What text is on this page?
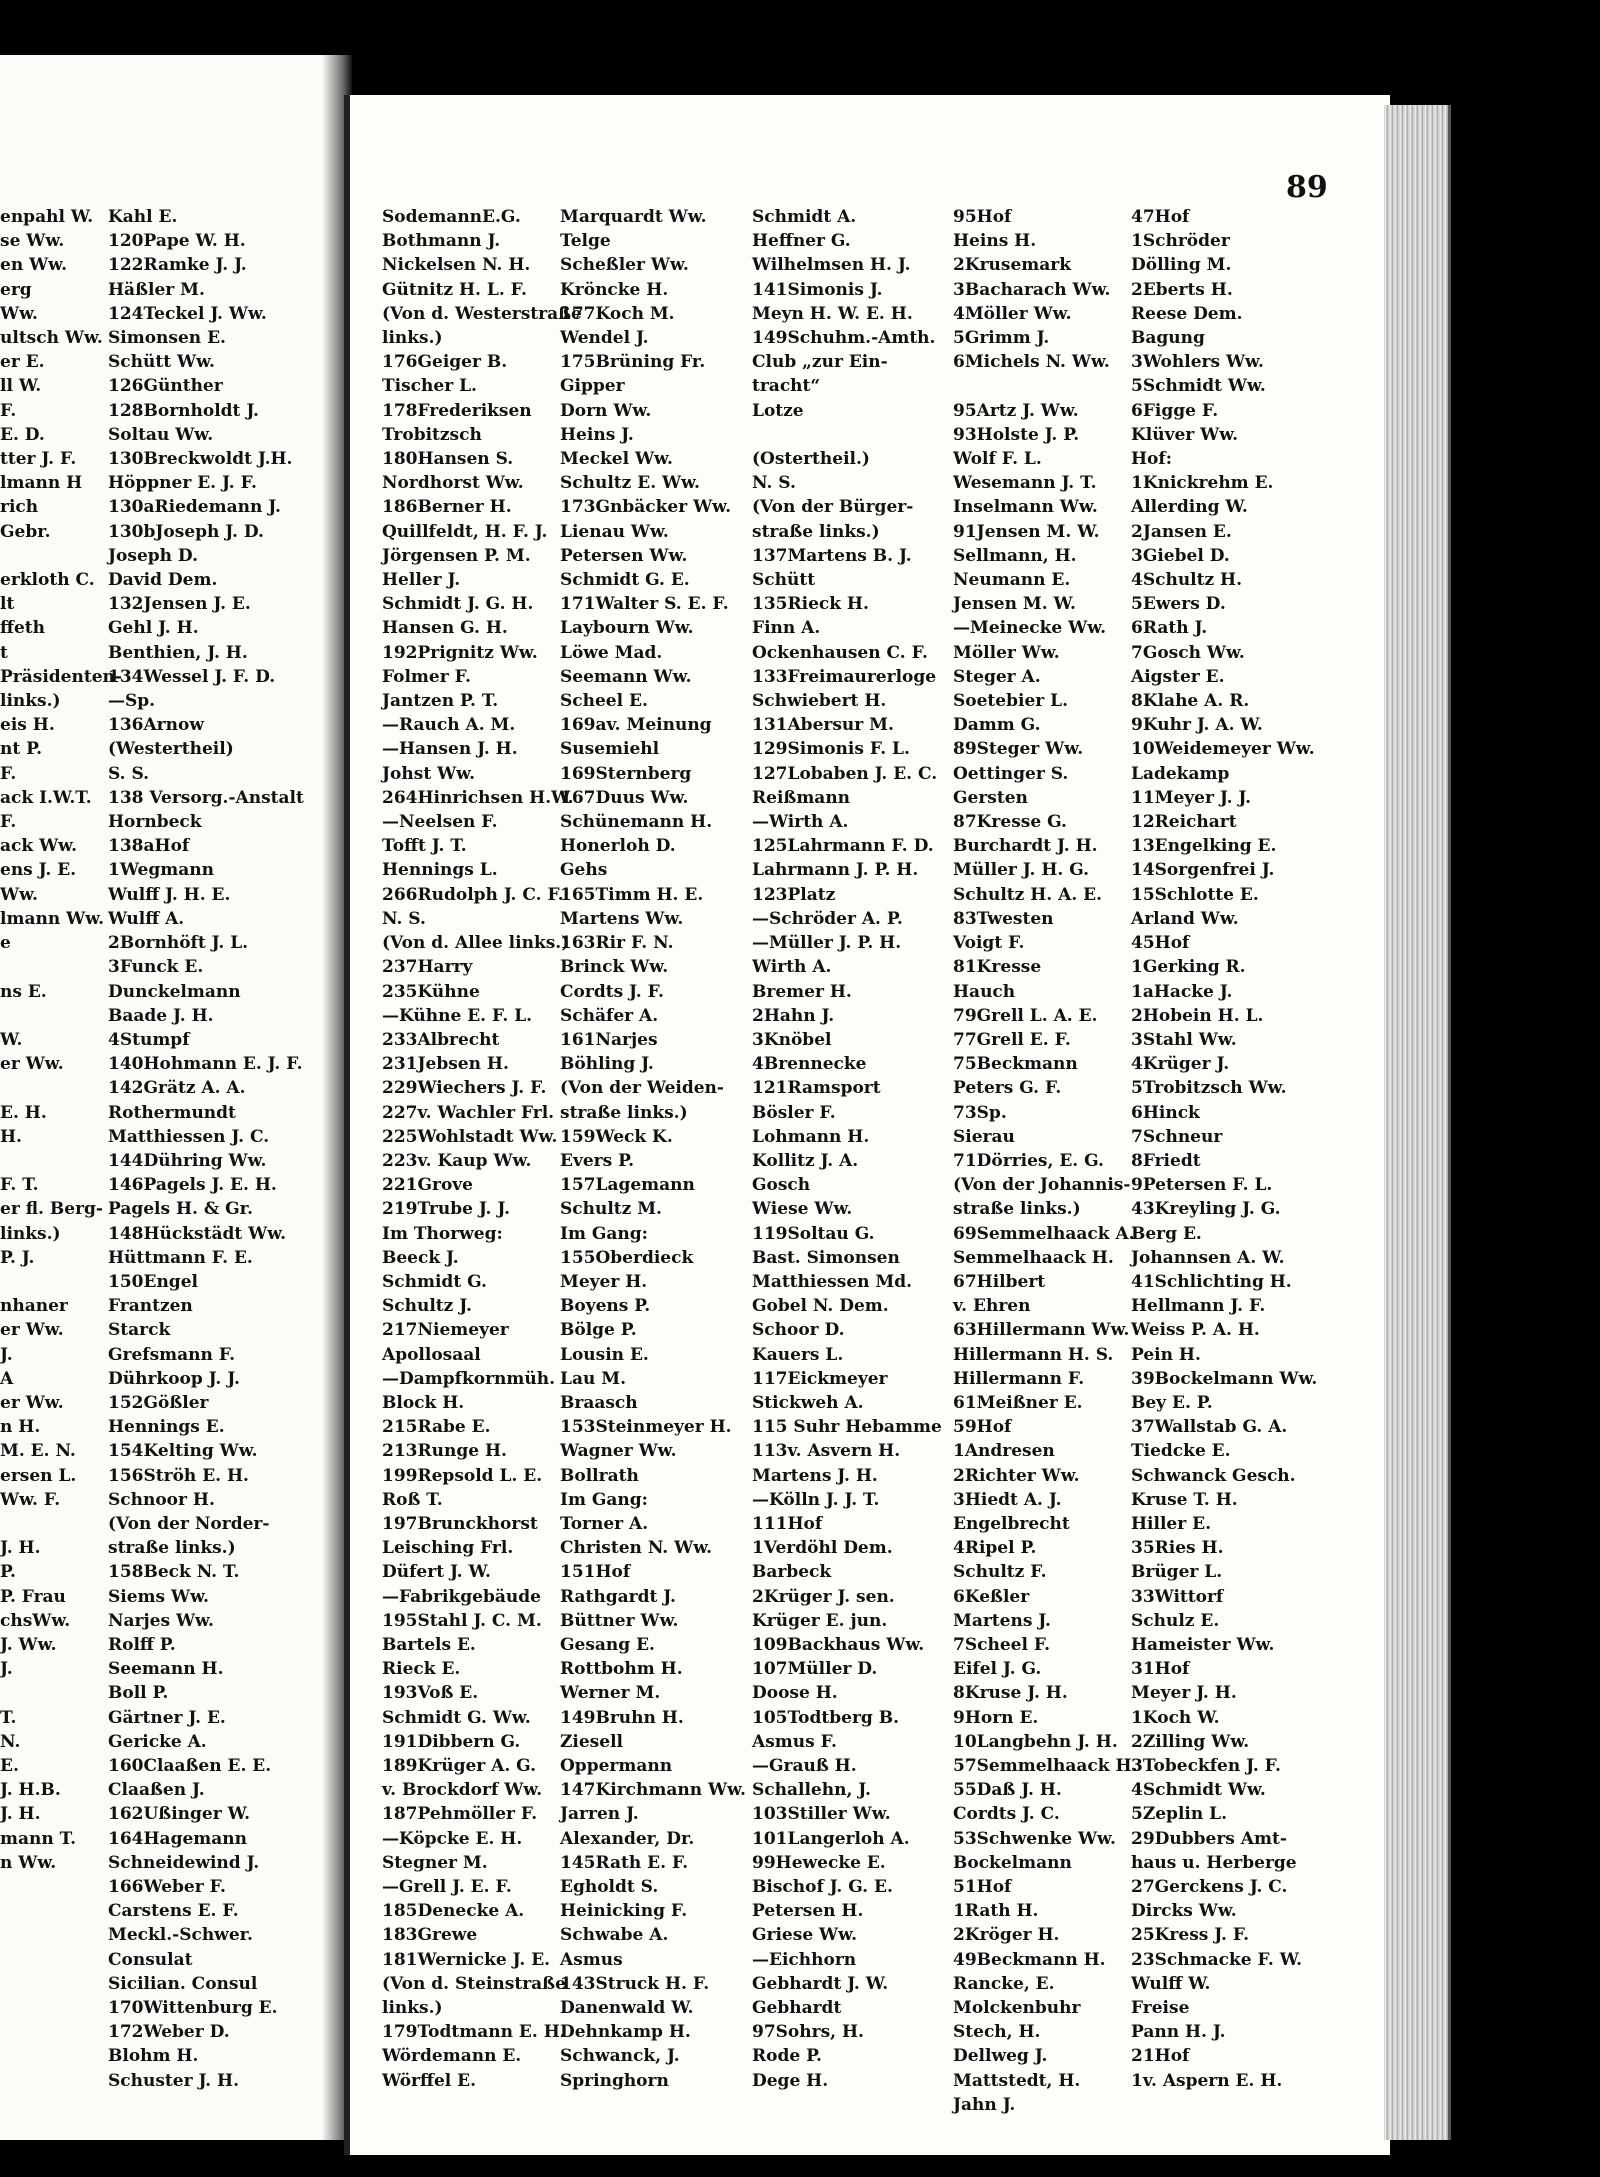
89
enpahl W.
se Ww.
en Ww.
erg
Ww.
ultsch Ww.
er E.
ll W.
F.
E. D.
tter J. F.
lmann H
rich
Gebr.

erkloth C.
lt
ffeth
t
Präsidenten-
links.)
eis H.
nt P.
F.
ack I.W.T.
F.
ack Ww.
ens J. E.
Ww.
lmann Ww.
e

ns E.

W.
er Ww.

E. H.
H.

F. T.
er fl. Berg-
links.)
P. J.

nhaner
er Ww.
J.
A
er Ww.
n H.
M. E. N.
ersen L.
Ww. F.

J. H.
P.
P. Frau
chsWw.
J. Ww.
J.

T.
N.
E.
J. H.B.
J. H.
mann T.
n Ww.
Kahl E.
120Pape W. H.
122Ramke J. J.
Häßler M.
124Teckel J. Ww.
Simonsen E.
Schütt Ww.
126Günther
128Bornholdt J.
Soltau Ww.
130Breckwoldt J.H.
Höppner E. J. F.
130aRiedemann J.
130bJoseph J. D.
Joseph D.
David Dem.
132Jensen J. E.
Gehl J. H.
Benthien, J. H.
134Wessel J. F. D.
—Sp.
136Arnow
(Westertheil)
S. S.
138 Versorg.-Anstalt
Hornbeck
138aHof
1Wegmann
Wulff J. H. E.
Wulff A.
2Bornhöft J. L.
3Funck E.
Dunckelmann
Baade J. H.
4Stumpf
140Hohmann E. J. F.
142Grätz A. A.
Rothermundt
Matthiessen J. C.
144Dühring Ww.
146Pagels J. E. H.
Pagels H. & Gr.
148Hückstädt Ww.
Hüttmann F. E.
150Engel
Frantzen
Starck
Grefsmann F.
Dührkoop J. J.
152Gößler
Hennings E.
154Kelting Ww.
156Ströh E. H.
Schnoor H.
(Von der Norder-
straße links.)
158Beck N. T.
Siems Ww.
Narjes Ww.
Rolff P.
Seemann H.
Boll P.
Gärtner J. E.
Gericke A.
160Claaßen E. E.
Claaßen J.
162Ußinger W.
164Hagemann
Schneidewind J.
166Weber F.
Carstens E. F.
Meckl.-Schwer.
Consulat
Sicilian. Consul
170Wittenburg E.
172Weber D.
Blohm H.
Schuster J. H.
SodemannE.G.
Bothmann J.
Nickelsen N. H.
Gütnitz H. L. F.
(Von d. Westerstraße
links.)
176Geiger B.
Tischer L.
178Frederiksen
Trobitzsch
180Hansen S.
Nordhorst Ww.
186Berner H.
Quillfeldt, H. F. J.
Jörgensen P. M.
Heller J.
Schmidt J. G. H.
Hansen G. H.
192Prignitz Ww.
Folmer F.
Jantzen P. T.
—Rauch A. M.
—Hansen J. H.
Johst Ww.
264Hinrichsen H.W.
—Neelsen F.
Tofft J. T.
Hennings L.
266Rudolph J. C. F.
N. S.
(Von d. Allee links.)
237Harry
235Kühne
—Kühne E. F. L.
233Albrecht
231Jebsen H.
229Wiechers J. F.
227v. Wachler Frl.
225Wohlstadt Ww.
223v. Kaup Ww.
221Grove
219Trube J. J.
Im Thorweg:
Beeck J.
Schmidt G.
Schultz J.
217Niemeyer
Apollosaal
—Dampfkornmüh.
Block H.
215Rabe E.
213Runge H.
199Repsold L. E.
Roß T.
197Brunckhorst
Leisching Frl.
Düfert J. W.
—Fabrikgebäude
195Stahl J. C. M.
Bartels E.
Rieck E.
193Voß E.
Schmidt G. Ww.
191Dibbern G.
189Krüger A. G.
v. Brockdorf Ww.
187Pehmöller F.
—Köpcke E. H.
Stegner M.
—Grell J. E. F.
185Denecke A.
183Grewe
181Wernicke J. E.
(Von d. Steinstraße
links.)
179Todtmann E. H.
Wördemann E.
Wörffel E.
Marquardt Ww.
Telge
Scheßler Ww.
Kröncke H.
177Koch M.
Wendel J.
175Brüning Fr.
Gipper
Dorn Ww.
Heins J.
Meckel Ww.
Schultz E. Ww.
173Gnbäcker Ww.
Lienau Ww.
Petersen Ww.
Schmidt G. E.
171Walter S. E. F.
Laybourn Ww.
Löwe Mad.
Seemann Ww.
Scheel E.
169av. Meinung
Susemiehl
169Sternberg
167Duus Ww.
Schünemann H.
Honerloh D.
Gehs
165Timm H. E.
Martens Ww.
163Rir F. N.
Brinck Ww.
Cordts J. F.
Schäfer A.
161Narjes
Böhling J.
(Von der Weiden-
straße links.)
159Weck K.
Evers P.
157Lagemann
Schultz M.
Im Gang:
155Oberdieck
Meyer H.
Boyens P.
Bölge P.
Lousin E.
Lau M.
Braasch
153Steinmeyer H.
Wagner Ww.
Bollrath
Im Gang:
Torner A.
Christen N. Ww.
151Hof
Rathgardt J.
Büttner Ww.
Gesang E.
Rottbohm H.
Werner M.
149Bruhn H.
Ziesell
Oppermann
147Kirchmann Ww.
Jarren J.
Alexander, Dr.
145Rath E. F.
Egholdt S.
Heinicking F.
Schwabe A.
Asmus
143Struck H. F.
Danenwald W.
Dehnkamp H.
Schwanck, J.
Springhorn
Schmidt A.
Heffner G.
Wilhelmsen H. J.
141Simonis J.
Meyn H. W. E. H.
149Schuhm.-Amth.
Club „zur Ein-
tracht“
Lotze

(Ostertheil.)
N. S.
(Von der Bürger-
straße links.)
137Martens B. J.
Schütt
135Rieck H.
Finn A.
Ockenhausen C. F.
133Freimaurerloge
Schwiebert H.
131Abersur M.
129Simonis F. L.
127Lobaben J. E. C.
Reißmann
—Wirth A.
125Lahrmann F. D.
Lahrmann J. P. H.
123Platz
—Schröder A. P.
—Müller J. P. H.
Wirth A.
Bremer H.
2Hahn J.
3Knöbel
4Brennecke
121Ramsport
Bösler F.
Lohmann H.
Kollitz J. A.
Gosch
Wiese Ww.
119Soltau G.
Bast. Simonsen
Matthiessen Md.
Gobel N. Dem.
Schoor D.
Kauers L.
117Eickmeyer
Stickweh A.
115 Suhr Hebamme
113v. Asvern H.
Martens J. H.
—Kölln J. J. T.
111Hof
1Verdöhl Dem.
Barbeck
2Krüger J. sen.
Krüger E. jun.
109Backhaus Ww.
107Müller D.
Doose H.
105Todtberg B.
Asmus F.
—Grauß H.
Schallehn, J.
103Stiller Ww.
101Langerloh A.
99Hewecke E.
Bischof J. G. E.
Petersen H.
Griese Ww.
—Eichhorn
Gebhardt J. W.
Gebhardt
97Sohrs, H.
Rode P.
Dege H.
95Hof
Heins H.
2Krusemark
3Bacharach Ww.
4Möller Ww.
5Grimm J.
6Michels N. Ww.

95Artz J. Ww.
93Holste J. P.
Wolf F. L.
Wesemann J. T.
Inselmann Ww.
91Jensen M. W.
Sellmann, H.
Neumann E.
Jensen M. W.
—Meinecke Ww.
Möller Ww.
Steger A.
Soetebier L.
Damm G.
89Steger Ww.
Oettinger S.
Gersten
87Kresse G.
Burchardt J. H.
Müller J. H. G.
Schultz H. A. E.
83Twesten
Voigt F.
81Kresse
Hauch
79Grell L. A. E.
77Grell E. F.
75Beckmann
Peters G. F.
73Sp.
Sierau
71Dörries, E. G.
(Von der Johannis-
straße links.)
69Semmelhaack A.
Semmelhaack H.
67Hilbert
v. Ehren
63Hillermann Ww.
Hillermann H. S.
Hillermann F.
61Meißner E.
59Hof
1Andresen
2Richter Ww.
3Hiedt A. J.
Engelbrecht
4Ripel P.
Schultz F.
6Keßler
Martens J.
7Scheel F.
Eifel J. G.
8Kruse J. H.
9Horn E.
10Langbehn J. H.
57Semmelhaack H.
55Daß J. H.
Cordts J. C.
53Schwenke Ww.
Bockelmann
51Hof
1Rath H.
2Kröger H.
49Beckmann H.
Rancke, E.
Molckenbuhr
Stech, H.
Dellweg J.
Mattstedt, H.
Jahn J.
47Hof
1Schröder
Dölling M.
2Eberts H.
Reese Dem.
Bagung
3Wohlers Ww.
5Schmidt Ww.
6Figge F.
Klüver Ww.
Hof:
1Knickrehm E.
Allerding W.
2Jansen E.
3Giebel D.
4Schultz H.
5Ewers D.
6Rath J.
7Gosch Ww.
Aigster E.
8Klahe A. R.
9Kuhr J. A. W.
10Weidemeyer Ww.
Ladekamp
11Meyer J. J.
12Reichart
13Engelking E.
14Sorgenfrei J.
15Schlotte E.
Arland Ww.
45Hof
1Gerking R.
1aHacke J.
2Hobein H. L.
3Stahl Ww.
4Krüger J.
5Trobitzsch Ww.
6Hinck
7Schneur
8Friedt
9Petersen F. L.
43Kreyling J. G.
Berg E.
Johannsen A. W.
41Schlichting H.
Hellmann J. F.
Weiss P. A. H.
Pein H.
39Bockelmann Ww.
Bey E. P.
37Wallstab G. A.
Tiedcke E.
Schwanck Gesch.
Kruse T. H.
Hiller E.
35Ries H.
Brüger L.
33Wittorf
Schulz E.
Hameister Ww.
31Hof
Meyer J. H.
1Koch W.
2Zilling Ww.
3Tobeckfen J. F.
4Schmidt Ww.
5Zeplin L.
29Dubbers Amt-
haus u. Herberge
27Gerckens J. C.
Dircks Ww.
25Kress J. F.
23Schmacke F. W.
Wulff W.
Freise
Pann H. J.
21Hof
1v. Aspern E. H.
